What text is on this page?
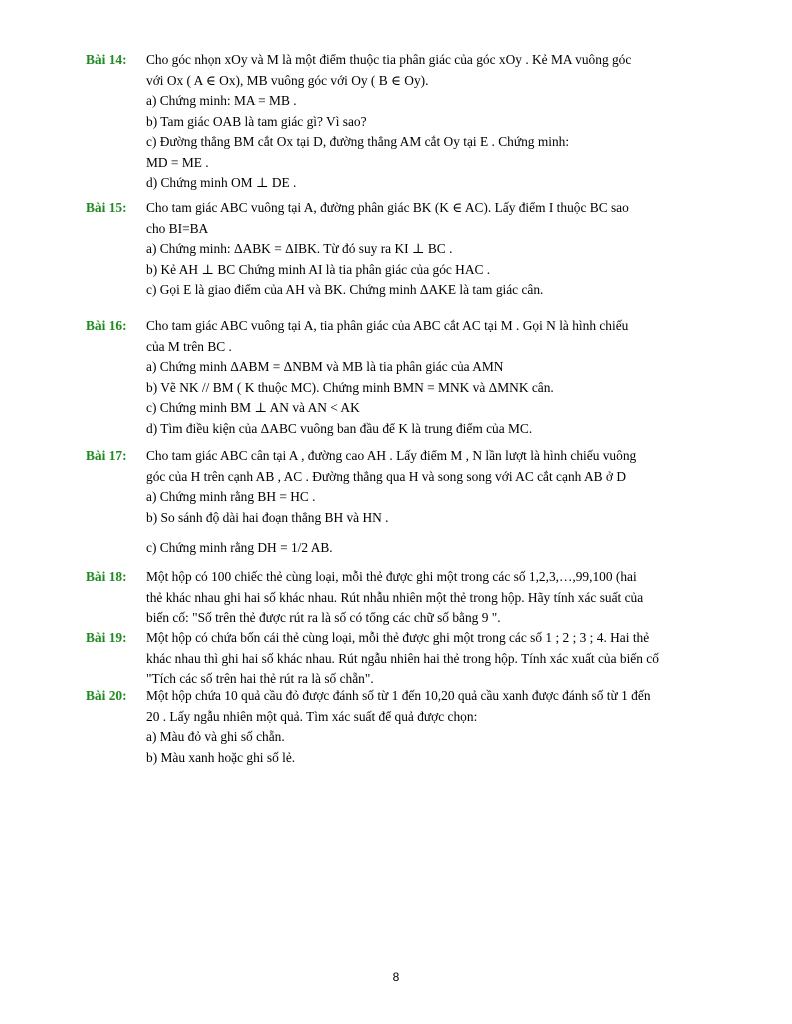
Bài 14:	Cho góc nhọn xOy và M là một điểm thuộc tia phân giác của góc xOy . Kẻ MA vuông góc
với Ox ( A ∈ Ox), MB vuông góc với Oy ( B ∈ Oy).
a) Chứng minh: MA = MB .
b) Tam giác OAB là tam giác gì? Vì sao?
c) Đường thẳng BM cắt Ox tại D, đường thẳng AM cắt Oy tại E . Chứng minh:
MD = ME .
d) Chứng minh OM ⊥ DE .
Bài 15:	Cho tam giác ABC vuông tại A, đường phân giác BK (K ∈ AC). Lấy điểm I thuộc BC sao
cho BI=BA
a) Chứng minh: ΔABK = ΔIBK. Từ đó suy ra KI ⊥ BC .
b) Kẻ AH ⊥ BC Chứng minh AI là tia phân giác của góc HAC .
c) Gọi E là giao điểm của AH và BK. Chứng minh ΔAKE là tam giác cân.
Bài 16:	Cho tam giác ABC vuông tại A, tia phân giác của ABC cắt AC tại M . Gọi N là hình chiếu
của M trên BC .
a) Chứng minh ΔABM = ΔNBM và MB là tia phân giác của AMN
b) Vẽ NK // BM ( K thuộc MC). Chứng minh BMN = MNK và ΔMNK cân.
c) Chứng minh BM ⊥ AN và AN < AK
d) Tìm điều kiện của ΔABC vuông ban đầu để K là trung điểm của MC.
Bài 17:	Cho tam giác ABC cân tại A , đường cao AH . Lấy điểm M , N lần lượt là hình chiếu vuông
góc của H trên cạnh AB , AC . Đường thẳng qua H và song song với AC cắt cạnh AB ở D
a) Chứng minh rằng BH = HC .
b) So sánh độ dài hai đoạn thẳng BH và HN .
c) Chứng minh rằng DH = 1/2 AB.
Bài 18:	Một hộp có 100 chiếc thẻ cùng loại, mỗi thẻ được ghi một trong các số 1,2,3,…,99,100 (hai
thẻ khác nhau ghi hai số khác nhau. Rút nhẫu nhiên một thẻ trong hộp. Hãy tính xác suất của
biến cố: "Số trên thẻ được rút ra là số có tổng các chữ số bằng 9 ".
Bài 19:	Một hộp có chứa bốn cái thẻ cùng loại, mỗi thẻ được ghi một trong các số 1 ; 2 ; 3 ; 4. Hai thẻ
khác nhau thì ghi hai số khác nhau. Rút ngẫu nhiên hai thẻ trong hộp. Tính xác xuất của biến cố
"Tích các số trên hai thẻ rút ra là số chẵn".
Bài 20:	Một hộp chứa 10 quả cầu đỏ được đánh số từ 1 đến 10,20 quả cầu xanh được đánh số từ 1 đến
20 . Lấy ngẫu nhiên một quả. Tìm xác suất để quả được chọn:
a) Màu đỏ và ghi số chẵn.
b) Màu xanh hoặc ghi số lẻ.
8
